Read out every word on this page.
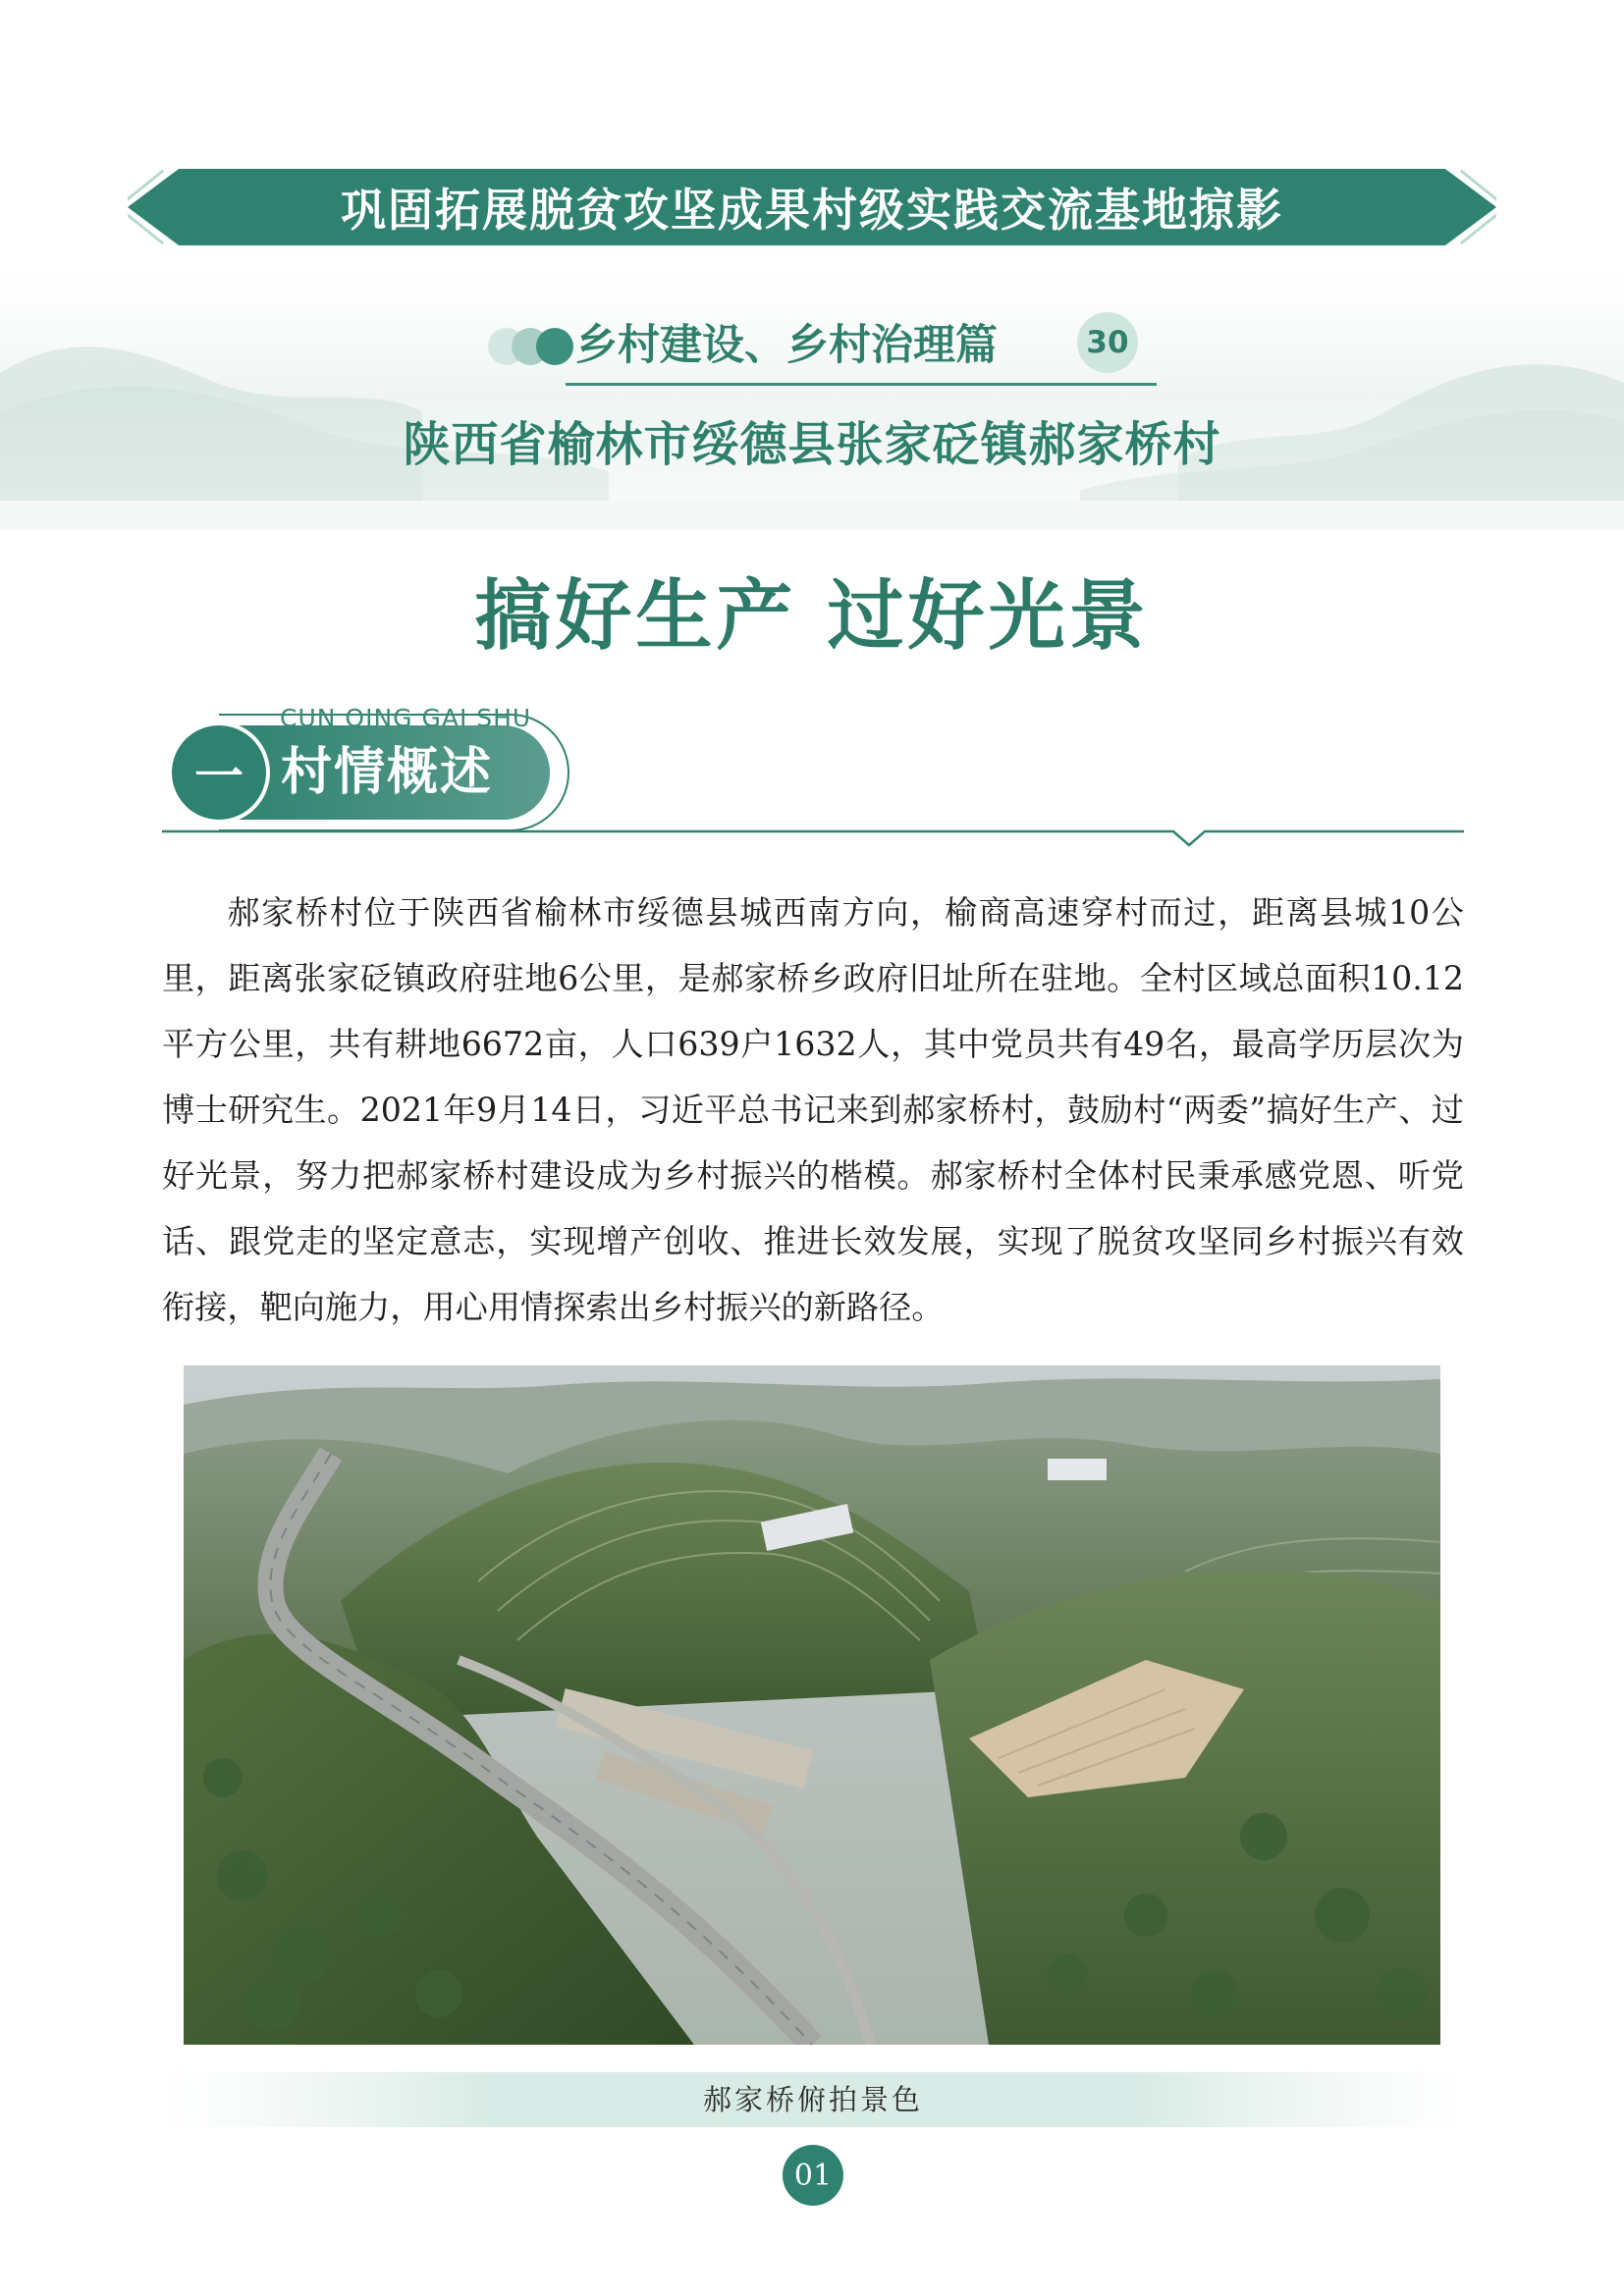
巩固拓展脱贫攻坚成果村级实践交流基地掠影
乡村建设、乡村治理篇	30
陕西省榆林市绥德县张家砭镇郝家桥村
搞好生产 过好光景
CUN QING GAI SHU
一 村情概述

郝家桥村位于陕西省榆林市绥德县城西南方向，榆商高速穿村而过，距离县城10公里，距离张家砭镇政府驻地6公里，是郝家桥乡政府旧址所在驻地。全村区域总面积10.12平方公里，共有耕地6672亩，人口639户1632人，其中党员共有49名，最高学历层次为博士研究生。2021年9月14日，习近平总书记来到郝家桥村，鼓励村“两委”搞好生产、过好光景，努力把郝家桥村建设成为乡村振兴的楷模。郝家桥村全体村民秉承感党恩、听党话、跟党走的坚定意志，实现增产创收、推进长效发展，实现了脱贫攻坚同乡村振兴有效衔接，靶向施力，用心用情探索出乡村振兴的新路径。

郝家桥俯拍景色
01
